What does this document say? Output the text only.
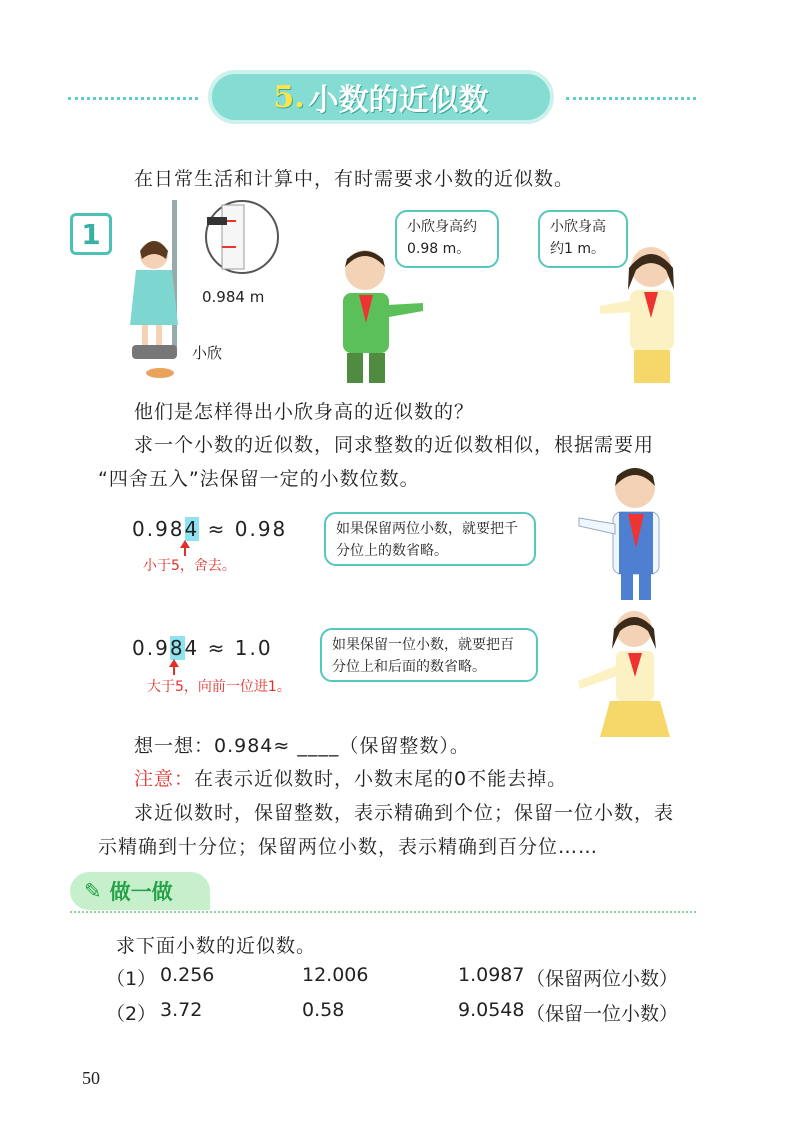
5. 小数的近似数
在日常生活和计算中，有时需要求小数的近似数。
1
0.984 m
小欣
小欣身高约0.98 m。
小欣身高约1 m。
他们是怎样得出小欣身高的近似数的？
求一个小数的近似数，同求整数的近似数相似，根据需要用
“四舍五入”法保留一定的小数位数。
0.984 ≈ 0.98
小于5，舍去。
如果保留两位小数，就要把千分位上的数省略。
0.984 ≈ 1.0
大于5，向前一位进1。
如果保留一位小数，就要把百分位上和后面的数省略。
想一想：0.984≈ ____（保留整数）。
注意：在表示近似数时，小数末尾的0不能去掉。
求近似数时，保留整数，表示精确到个位；保留一位小数，表
示精确到十分位；保留两位小数，表示精确到百分位……
✎ 做一做
求下面小数的近似数。
（1） 0.256	12.006	1.0987 （保留两位小数）
（2） 3.72	0.58	9.0548 （保留一位小数）
50
